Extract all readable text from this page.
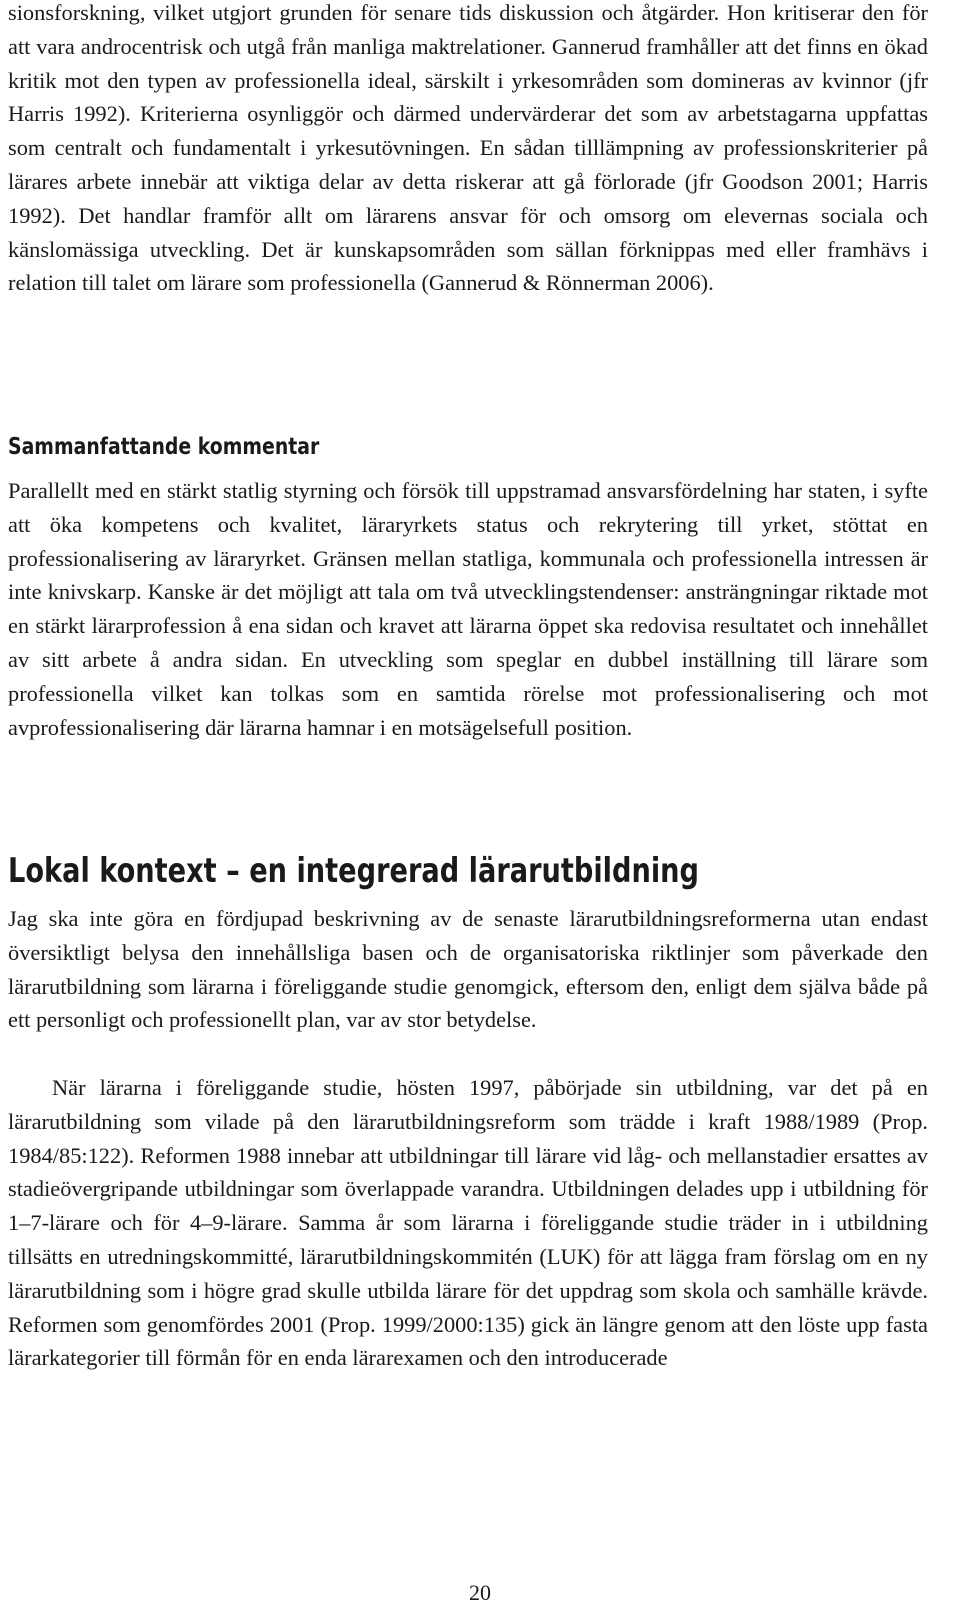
sionsforskning, vilket utgjort grunden för senare tids diskussion och åtgärder. Hon kritiserar den för att vara androcentrisk och utgå från manliga maktrelationer. Gannerud framhåller att det finns en ökad kritik mot den typen av professionella ideal, särskilt i yrkesområden som domineras av kvinnor (jfr Harris 1992). Kriterierna osynliggör och därmed undervärderar det som av arbetstagarna uppfattas som centralt och fundamentalt i yrkesutövningen. En sådan tilllämpning av professionskriterier på lärares arbete innebär att viktiga delar av detta riskerar att gå förlorade (jfr Goodson 2001; Harris 1992). Det handlar framför allt om lärarens ansvar för och omsorg om elevernas sociala och känslomässiga utveckling. Det är kunskapsområden som sällan förknippas med eller framhävs i relation till talet om lärare som professionella (Gannerud & Rönnerman 2006).

Sammanfattande kommentar

Parallellt med en stärkt statlig styrning och försök till uppstramad ansvarsfördelning har staten, i syfte att öka kompetens och kvalitet, läraryrkets status och rekrytering till yrket, stöttat en professionalisering av läraryrket. Gränsen mellan statliga, kommunala och professionella intressen är inte knivskarp. Kanske är det möjligt att tala om två utvecklingstendenser: ansträngningar riktade mot en stärkt lärarprofession å ena sidan och kravet att lärarna öppet ska redovisa resultatet och innehållet av sitt arbete å andra sidan. En utveckling som speglar en dubbel inställning till lärare som professionella vilket kan tolkas som en samtida rörelse mot professionalisering och mot avprofessionalisering där lärarna hamnar i en motsägelsefull position.

Lokal kontext – en integrerad lärarutbildning

Jag ska inte göra en fördjupad beskrivning av de senaste lärarutbildningsreformerna utan endast översiktligt belysa den innehållsliga basen och de organisatoriska riktlinjer som påverkade den lärarutbildning som lärarna i föreliggande studie genomgick, eftersom den, enligt dem själva både på ett personligt och professionellt plan, var av stor betydelse.

När lärarna i föreliggande studie, hösten 1997, påbörjade sin utbildning, var det på en lärarutbildning som vilade på den lärarutbildningsreform som trädde i kraft 1988/1989 (Prop. 1984/85:122). Reformen 1988 innebar att utbildningar till lärare vid låg- och mellanstadier ersattes av stadieövergripande utbildningar som överlappade varandra. Utbildningen delades upp i utbildning för 1–7-lärare och för 4–9-lärare. Samma år som lärarna i föreliggande studie träder in i utbildning tillsätts en utredningskommitté, lärarutbildningskommitén (LUK) för att lägga fram förslag om en ny lärarutbildning som i högre grad skulle utbilda lärare för det uppdrag som skola och samhälle krävde. Reformen som genomfördes 2001 (Prop. 1999/2000:135) gick än längre genom att den löste upp fasta lärarkategorier till förmån för en enda lärarexamen och den introducerade

20
